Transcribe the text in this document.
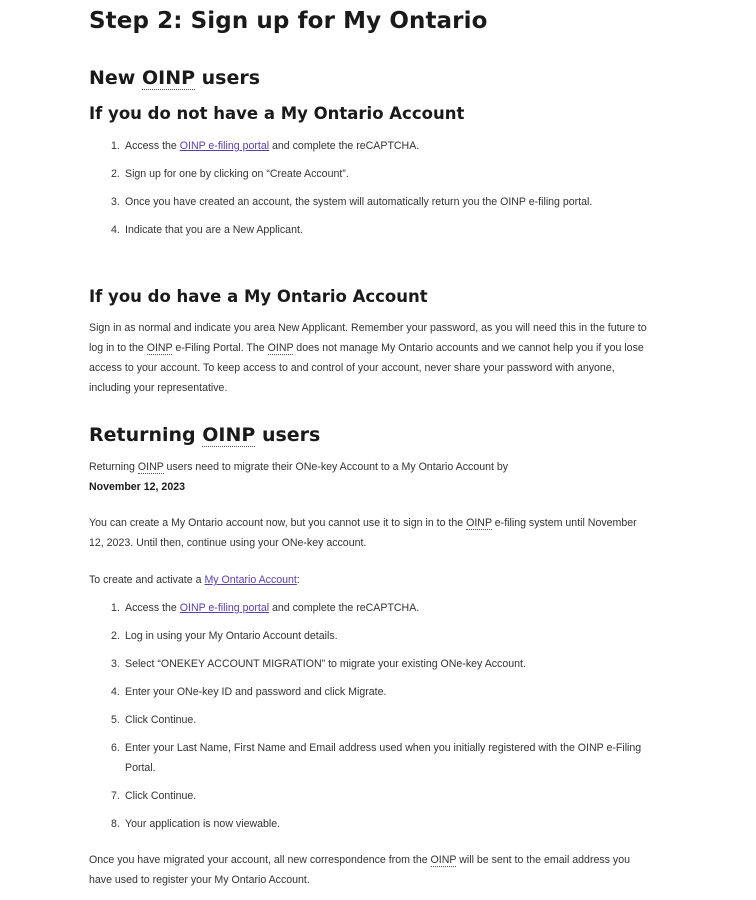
Step 2: Sign up for My Ontario
New OINP users
If you do not have a My Ontario Account
1. Access the OINP e-filing portal and complete the reCAPTCHA.
2. Sign up for one by clicking on “Create Account”.
3. Once you have created an account, the system will automatically return you the OINP e-filing portal.
4. Indicate that you are a New Applicant.
If you do have a My Ontario Account

Sign in as normal and indicate you area New Applicant. Remember your password, as you will need this in the future to log in to the OINP e-Filing Portal. The OINP does not manage My Ontario accounts and we cannot help you if you lose access to your account. To keep access to and control of your account, never share your password with anyone, including your representative.

Returning OINP users

Returning OINP users need to migrate their ONe-key Account to a My Ontario Account by
November 12, 2023

You can create a My Ontario account now, but you cannot use it to sign in to the OINP e-filing system until November 12, 2023. Until then, continue using your ONe-key account.

To create and activate a My Ontario Account:

1. Access the OINP e-filing portal and complete the reCAPTCHA.
2. Log in using your My Ontario Account details.
3. Select “ONEKEY ACCOUNT MIGRATION” to migrate your existing ONe-key Account.
4. Enter your ONe-key ID and password and click Migrate.
5. Click Continue.
6. Enter your Last Name, First Name and Email address used when you initially registered with the OINP e-Filing Portal.
7. Click Continue.
8. Your application is now viewable.

Once you have migrated your account, all new correspondence from the OINP will be sent to the email address you have used to register your My Ontario Account.
